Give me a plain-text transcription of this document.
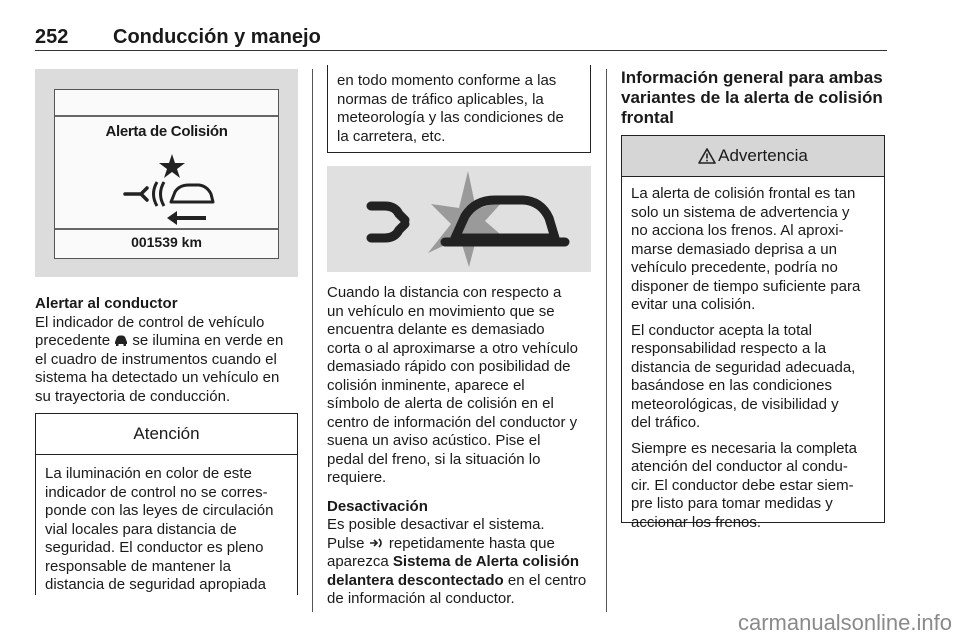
252 Conducción y manejo
Alerta de Colisión
001539 km

Alertar al conductor

El indicador de control de vehículo
precedente se ilumina en verde en
el cuadro de instrumentos cuando el
sistema ha detectado un vehículo en
su trayectoria de conducción.
Atención
La iluminación en color de este
indicador de control no se corres-
ponde con las leyes de circulación
vial locales para distancia de
seguridad. El conductor es pleno
responsable de mantener la
distancia de seguridad apropiada
en todo momento conforme a las
normas de tráfico aplicables, la
meteorología y las condiciones de
la carretera, etc.
Cuando la distancia con respecto a
un vehículo en movimiento que se
encuentra delante es demasiado
corta o al aproximarse a otro vehículo
demasiado rápido con posibilidad de
colisión inminente, aparece el
símbolo de alerta de colisión en el
centro de información del conductor y
suena un aviso acústico. Pise el
pedal del freno, si la situación lo
requiere.
Desactivación
Es posible desactivar el sistema.
Pulse repetidamente hasta que
aparezca Sistema de Alerta colisión
delantera descontectado en el centro
de información al conductor.
Información general para ambas
variantes de la alerta de colisión
frontal
Advertencia
La alerta de colisión frontal es tan
solo un sistema de advertencia y
no acciona los frenos. Al aproxi-
marse demasiado deprisa a un
vehículo precedente, podría no
disponer de tiempo suficiente para
evitar una colisión.
El conductor acepta la total
responsabilidad respecto a la
distancia de seguridad adecuada,
basándose en las condiciones
meteorológicas, de visibilidad y
del tráfico.
Siempre es necesaria la completa
atención del conductor al condu-
cir. El conductor debe estar siem-
pre listo para tomar medidas y
accionar los frenos.
carmanualsonline.info
